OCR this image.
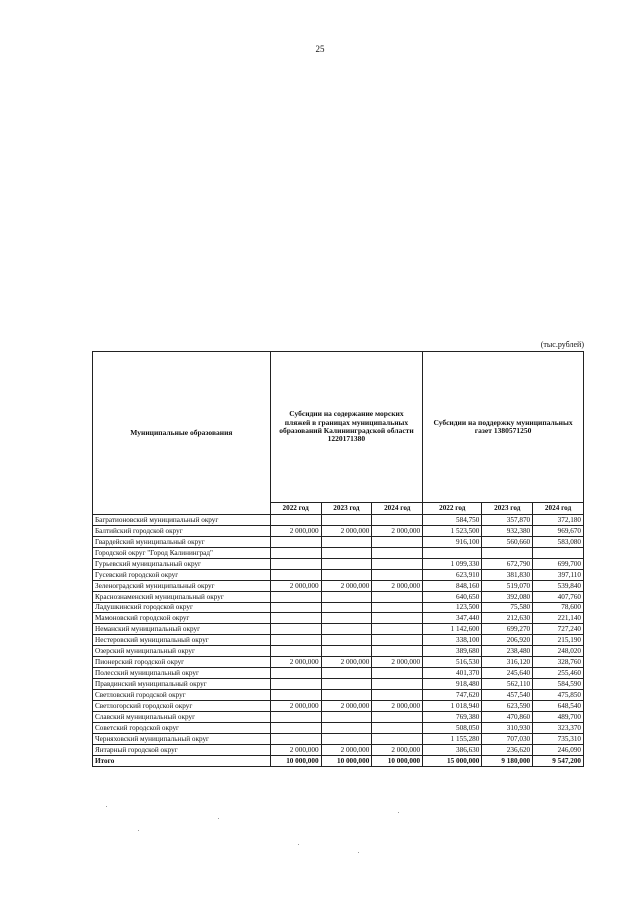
25
(тыс.рублей)
Муниципальные образования	Субсидии на содержание морских пляжей в границах муниципальных образований Калининградской области 1220171380			Субсидии на поддержку муниципальных газет 1380571250		
	2022 год	2023 год	2024 год	2022 год	2023 год	2024 год
Багратионовский муниципальный округ				584,750	357,870	372,180
Балтийский городской округ	2 000,000	2 000,000	2 000,000	1 523,500	932,380	969,670
Гвардейский муниципальный округ				916,100	560,660	583,080
Городской округ "Город Калининград"						
Гурьевский муниципальный округ				1 099,330	672,790	699,700
Гусевский городской округ				623,910	381,830	397,110
Зеленоградский муниципальный округ	2 000,000	2 000,000	2 000,000	848,160	519,070	539,840
Краснознаменский муниципальный округ				640,650	392,080	407,760
Ладушкинский городской округ				123,500	75,580	78,600
Мамоновский городской округ				347,440	212,630	221,140
Неманский муниципальный округ				1 142,600	699,270	727,240
Нестеровский муниципальный округ				338,100	206,920	215,190
Озерский муниципальный округ				389,680	238,480	248,020
Пионерский городской округ	2 000,000	2 000,000	2 000,000	516,530	316,120	328,760
Полесский муниципальный округ				401,370	245,640	255,460
Правдинский муниципальный округ				918,480	562,110	584,590
Светловский городской округ				747,620	457,540	475,850
Светлогорский городской округ	2 000,000	2 000,000	2 000,000	1 018,940	623,590	648,540
Славский муниципальный округ				769,380	470,860	489,700
Советский городской округ				508,050	310,930	323,370
Черняховский муниципальный округ				1 155,280	707,030	735,310
Янтарный городской округ	2 000,000	2 000,000	2 000,000	386,630	236,620	246,090
Итого	10 000,000	10 000,000	10 000,000	15 000,000	9 180,000	9 547,200
